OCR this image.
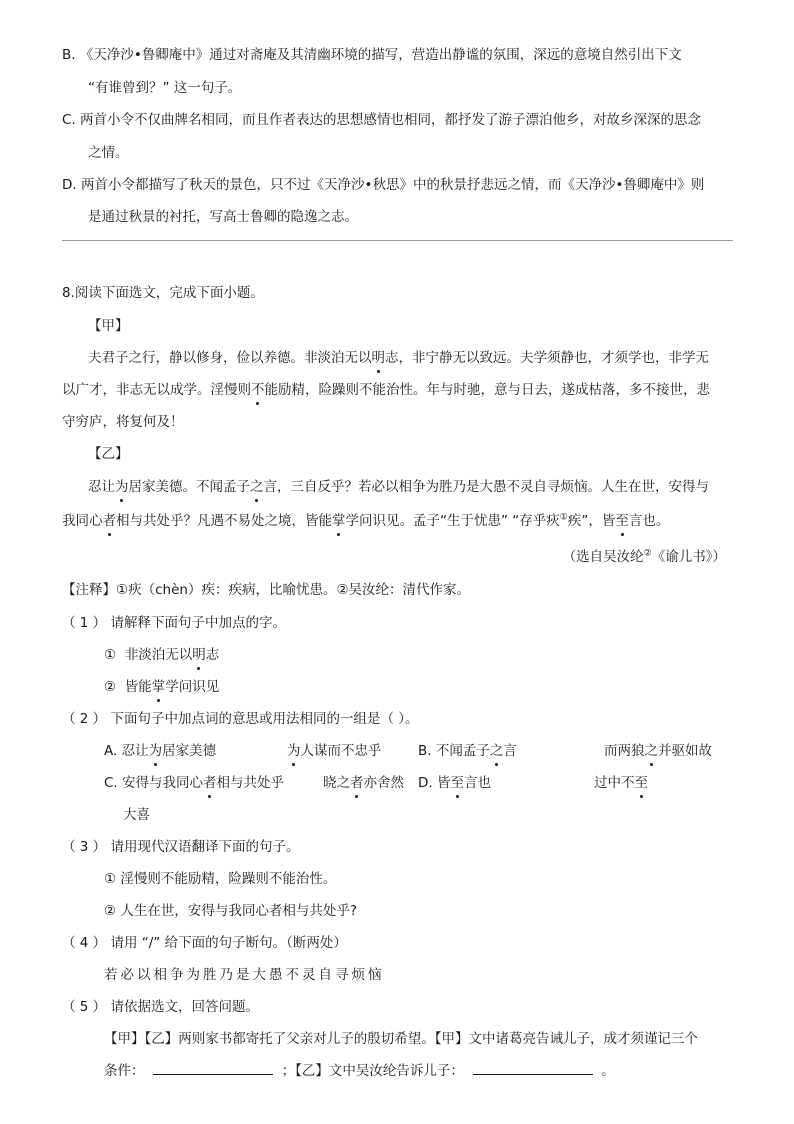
B. 《天净沙•鲁卿庵中》通过对斋庵及其清幽环境的描写，营造出静谧的氛围，深远的意境自然引出下文
“有谁曾到？” 这一句子。
C. 两首小令不仅曲牌名相同，而且作者表达的思想感情也相同，都抒发了游子漂泊他乡，对故乡深深的思念
之情。
D. 两首小令都描写了秋天的景色，只不过《天净沙•秋思》中的秋景抒悲远之情，而《天净沙•鲁卿庵中》则
是通过秋景的衬托，写高士鲁卿的隐逸之志。
8.阅读下面选文，完成下面小题。
【甲】
夫君子之行，静以修身，俭以养德。非淡泊无以明志，非宁静无以致远。夫学须静也，才须学也，非学无
以广才，非志无以成学。淫慢则不能励精，险躁则不能治性。年与时驰，意与日去，遂成枯落，多不接世，悲
守穷庐，将复何及！
【乙】
忍让为居家美德。不闻孟子之言，三自反乎？若必以相争为胜乃是大愚不灵自寻烦恼。人生在世，安得与
我同心者相与共处乎？凡遇不易处之境，皆能掌学问识见。孟子“生于忧患” “存乎疢①疾”，皆至言也。
（选自吴汝纶②《谕儿书》）
【注释】①疢（chèn）疾：疾病，比喻忧患。②吴汝纶：清代作家。
（ 1 ） 请解释下面句子中加点的字。
① 非淡泊无以明志
② 皆能掌学问识见
（ 2 ） 下面句子中加点词的意思或用法相同的一组是（ ）。
A. 忍让为居家美德	为人谋而不忠乎	B. 不闻孟子之言	而两狼之并驱如故
C. 安得与我同心者相与共处乎	晓之者亦舍然 D. 皆至言也	过中不至
大喜
（ 3 ） 请用现代汉语翻译下面的句子。
① 淫慢则不能励精，险躁则不能治性。
② 人生在世，安得与我同心者相与共处乎?
（ 4 ） 请用 “/” 给下面的句子断句。（断两处）
若必以相争为胜乃是大愚不灵自寻烦恼
（ 5 ） 请依据选文，回答问题。
【甲】【乙】两则家书都寄托了父亲对儿子的殷切希望。【甲】文中诸葛亮告诫儿子，成才须谨记三个
条件：	；【乙】文中吴汝纶告诉儿子：	。
